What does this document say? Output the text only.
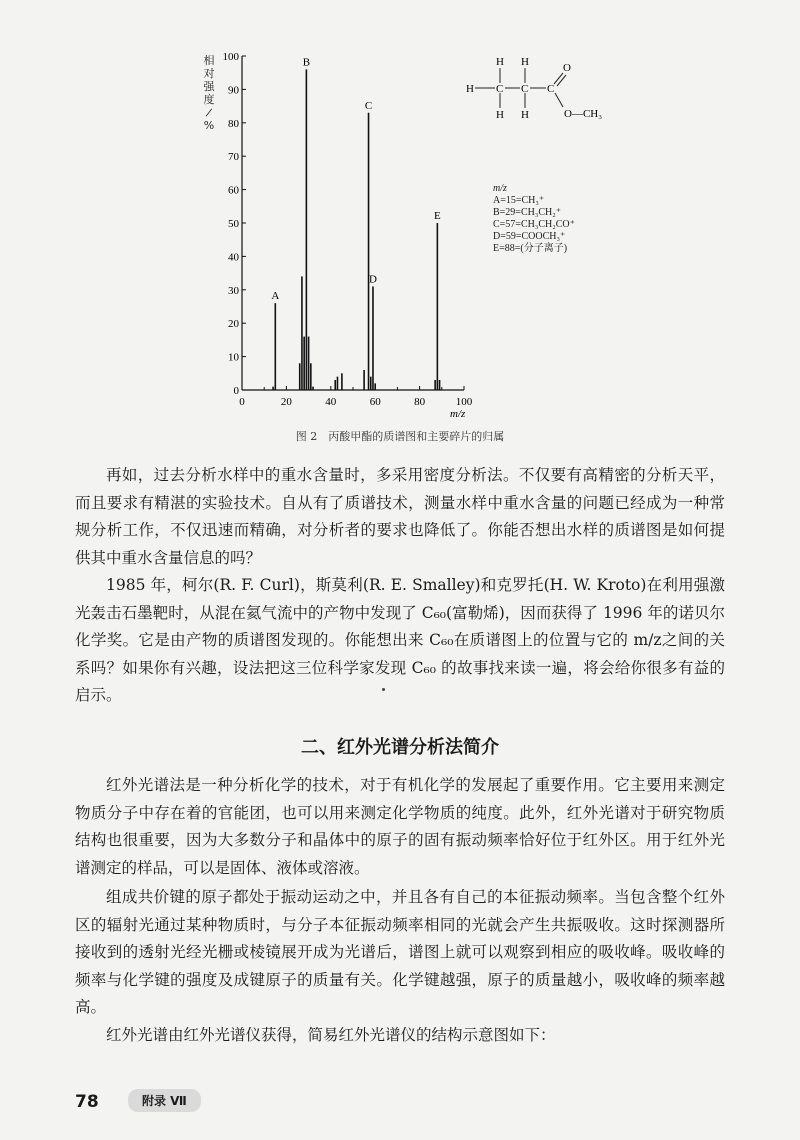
0
10
20
30
40
50
60
70
80
90
100
0	20	40	60	80	100
m/z
A
B
C
D
E
相
对
强
度
/
%
H H	O
H C C C
H H	O—CH₃
m/z
A=15=CH₃⁺
B=29=CH₃CH₂⁺
C=57=CH₃CH₂CO⁺
D=59=COOCH₃⁺
E=88=(分子离子)
图 2　丙酸甲酯的质谱图和主要碎片的归属

再如，过去分析水样中的重水含量时，多采用密度分析法。不仅要有高精密的分析天平，而且要求有精湛的实验技术。自从有了质谱技术，测量水样中重水含量的问题已经成为一种常规分析工作，不仅迅速而精确，对分析者的要求也降低了。你能否想出水样的质谱图是如何提供其中重水含量信息的吗？

1985 年，柯尔(R. F. Curl)，斯莫利(R. E. Smalley)和克罗托(H. W. Kroto)在利用强激光轰击石墨靶时，从混在氦气流中的产物中发现了 C₆₀(富勒烯)，因而获得了 1996 年的诺贝尔化学奖。它是由产物的质谱图发现的。你能想出来 C₆₀在质谱图上的位置与它的 m/z之间的关系吗？如果你有兴趣，设法把这三位科学家发现 C₆₀ 的故事找来读一遍，将会给你很多有益的启示。

二、红外光谱分析法简介

红外光谱法是一种分析化学的技术，对于有机化学的发展起了重要作用。它主要用来测定物质分子中存在着的官能团，也可以用来测定化学物质的纯度。此外，红外光谱对于研究物质结构也很重要，因为大多数分子和晶体中的原子的固有振动频率恰好位于红外区。用于红外光谱测定的样品，可以是固体、液体或溶液。

组成共价键的原子都处于振动运动之中，并且各有自己的本征振动频率。当包含整个红外区的辐射光通过某种物质时，与分子本征振动频率相同的光就会产生共振吸收。这时探测器所接收到的透射光经光栅或棱镜展开成为光谱后，谱图上就可以观察到相应的吸收峰。吸收峰的频率与化学键的强度及成键原子的质量有关。化学键越强，原子的质量越小，吸收峰的频率越高。

红外光谱由红外光谱仪获得，简易红外光谱仪的结构示意图如下：

78	附录 Ⅶ
